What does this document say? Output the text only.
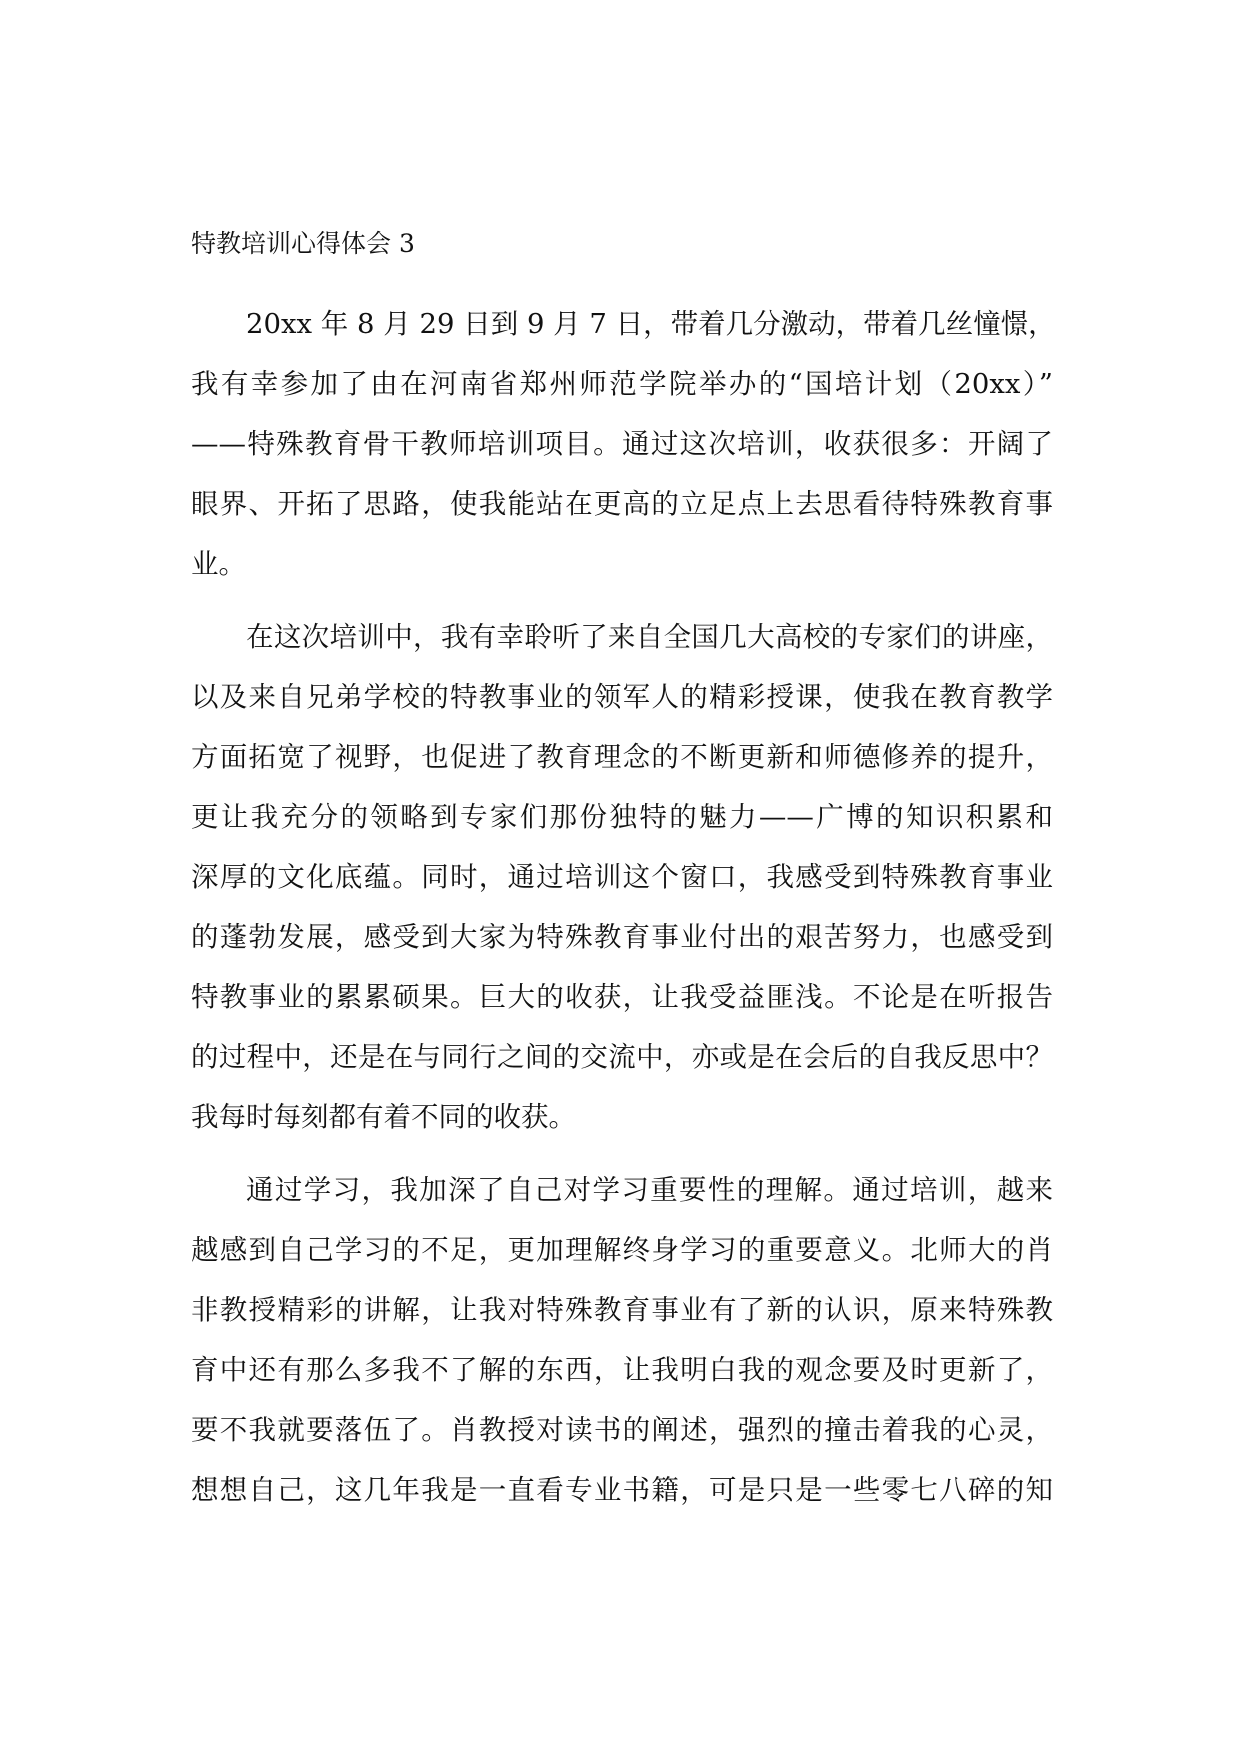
特教培训心得体会 3
20xx 年 8 月 29 日到 9 月 7 日，带着几分激动，带着几丝憧憬，
我有幸参加了由在河南省郑州师范学院举办的“国培计划（20xx）”
——特殊教育骨干教师培训项目。通过这次培训，收获很多：开阔了
眼界、开拓了思路，使我能站在更高的立足点上去思看待特殊教育事
业。
在这次培训中，我有幸聆听了来自全国几大高校的专家们的讲座，
以及来自兄弟学校的特教事业的领军人的精彩授课，使我在教育教学
方面拓宽了视野，也促进了教育理念的不断更新和师德修养的提升，
更让我充分的领略到专家们那份独特的魅力——广博的知识积累和
深厚的文化底蕴。同时，通过培训这个窗口，我感受到特殊教育事业
的蓬勃发展，感受到大家为特殊教育事业付出的艰苦努力，也感受到
特教事业的累累硕果。巨大的收获，让我受益匪浅。不论是在听报告
的过程中，还是在与同行之间的交流中，亦或是在会后的自我反思中？
我每时每刻都有着不同的收获。
通过学习，我加深了自己对学习重要性的理解。通过培训，越来
越感到自己学习的不足，更加理解终身学习的重要意义。北师大的肖
非教授精彩的讲解，让我对特殊教育事业有了新的认识，原来特殊教
育中还有那么多我不了解的东西，让我明白我的观念要及时更新了，
要不我就要落伍了。肖教授对读书的阐述，强烈的撞击着我的心灵，
想想自己，这几年我是一直看专业书籍，可是只是一些零七八碎的知
